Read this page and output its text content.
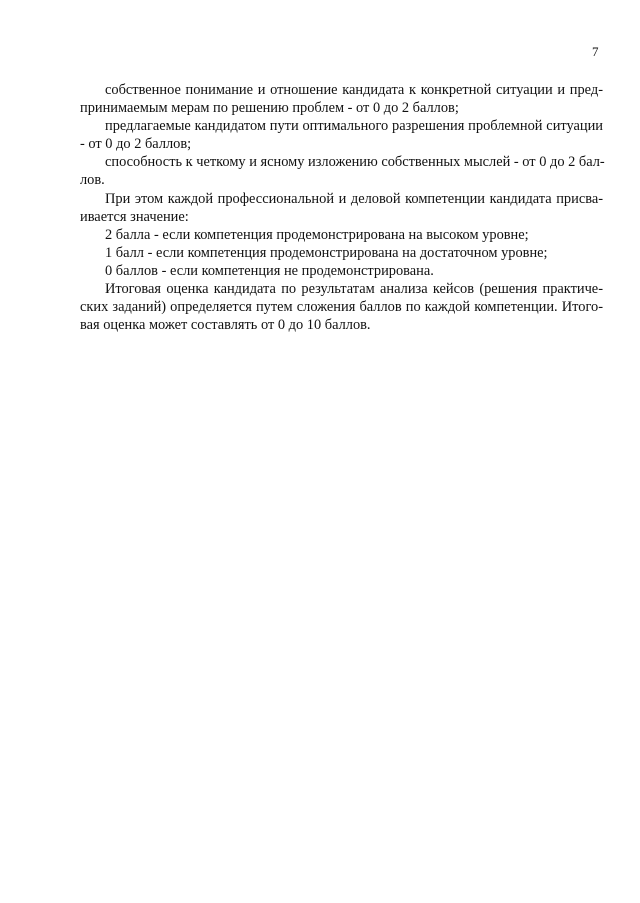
7
собственное понимание и отношение кандидата к конкретной ситуации и пред-
принимаемым мерам по решению проблем - от 0 до 2 баллов;
предлагаемые кандидатом пути оптимального разрешения проблемной ситуации
- от 0 до 2 баллов;
способность к четкому и ясному изложению собственных мыслей - от 0 до 2 бал-
лов.
При этом каждой профессиональной и деловой компетенции кандидата присва-
ивается значение:
2 балла - если компетенция продемонстрирована на высоком уровне;
1 балл - если компетенция продемонстрирована на достаточном уровне;
0 баллов - если компетенция не продемонстрирована.
Итоговая оценка кандидата по результатам анализа кейсов (решения практиче-
ских заданий) определяется путем сложения баллов по каждой компетенции. Итого-
вая оценка может составлять от 0 до 10 баллов.
